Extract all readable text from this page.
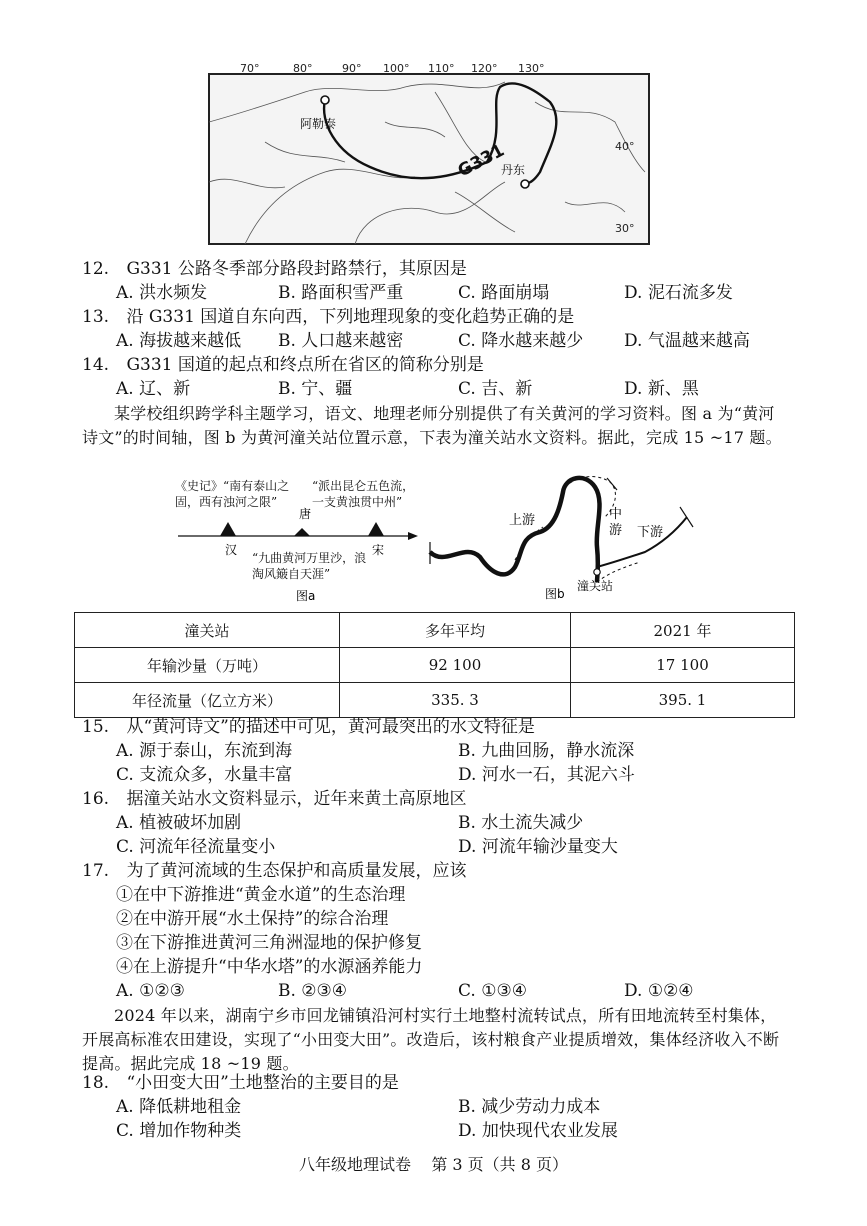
70°	80°	90° 100° 110° 120° 130°
40°
30°
阿勒泰
G331
丹东
12. G331 公路冬季部分路段封路禁行，其原因是
A. 洪水频发	B. 路面积雪严重	C. 路面崩塌	D. 泥石流多发
13. 沿 G331 国道自东向西，下列地理现象的变化趋势正确的是
A. 海拔越来越低 B. 人口越来越密	C. 降水越来越少 D. 气温越来越高
14. G331 国道的起点和终点所在省区的简称分别是
A. 辽、新	B. 宁、疆	C. 吉、新	D. 新、黑
某学校组织跨学科主题学习，语文、地理老师分别提供了有关黄河的学习资料。图 a 为“黄河诗文”的时间轴，图 b 为黄河潼关站位置示意，下表为潼关站水文资料。据此，完成 15 ~17 题。
汉
唐
宋
图a
《史记》“南有泰山之固，西有浊河之限”
“派出昆仑五色流，一支黄浊贯中州”
“九曲黄河万里沙，浪淘风簸自天涯”
上游	中
游 下游
潼关站
图b
潼关站	多年平均	2021 年
年输沙量（万吨）	92 100	17 100
年径流量（亿立方米）	335. 3	395. 1
15. 从“黄河诗文”的描述中可见，黄河最突出的水文特征是
A. 源于泰山，东流到海	B. 九曲回肠，静水流深
C. 支流众多，水量丰富	D. 河水一石，其泥六斗
16. 据潼关站水文资料显示，近年来黄土高原地区
A. 植被破坏加剧	B. 水土流失减少
C. 河流年径流量变小	D. 河流年输沙量变大
17. 为了黄河流域的生态保护和高质量发展，应该
①在中下游推进“黄金水道”的生态治理
②在中游开展“水土保持”的综合治理
③在下游推进黄河三角洲湿地的保护修复
④在上游提升“中华水塔”的水源涵养能力
A. ①②③	B. ②③④	C. ①③④	D. ①②④
2024 年以来，湖南宁乡市回龙铺镇沿河村实行土地整村流转试点，所有田地流转至村集体，开展高标准农田建设，实现了“小田变大田”。改造后，该村粮食产业提质增效，集体经济收入不断提高。据此完成 18 ~19 题。
18. “小田变大田”土地整治的主要目的是
A. 降低耕地租金	B. 减少劳动力成本
C. 增加作物种类	D. 加快现代农业发展
八年级地理试卷    第 3 页（共 8 页）
